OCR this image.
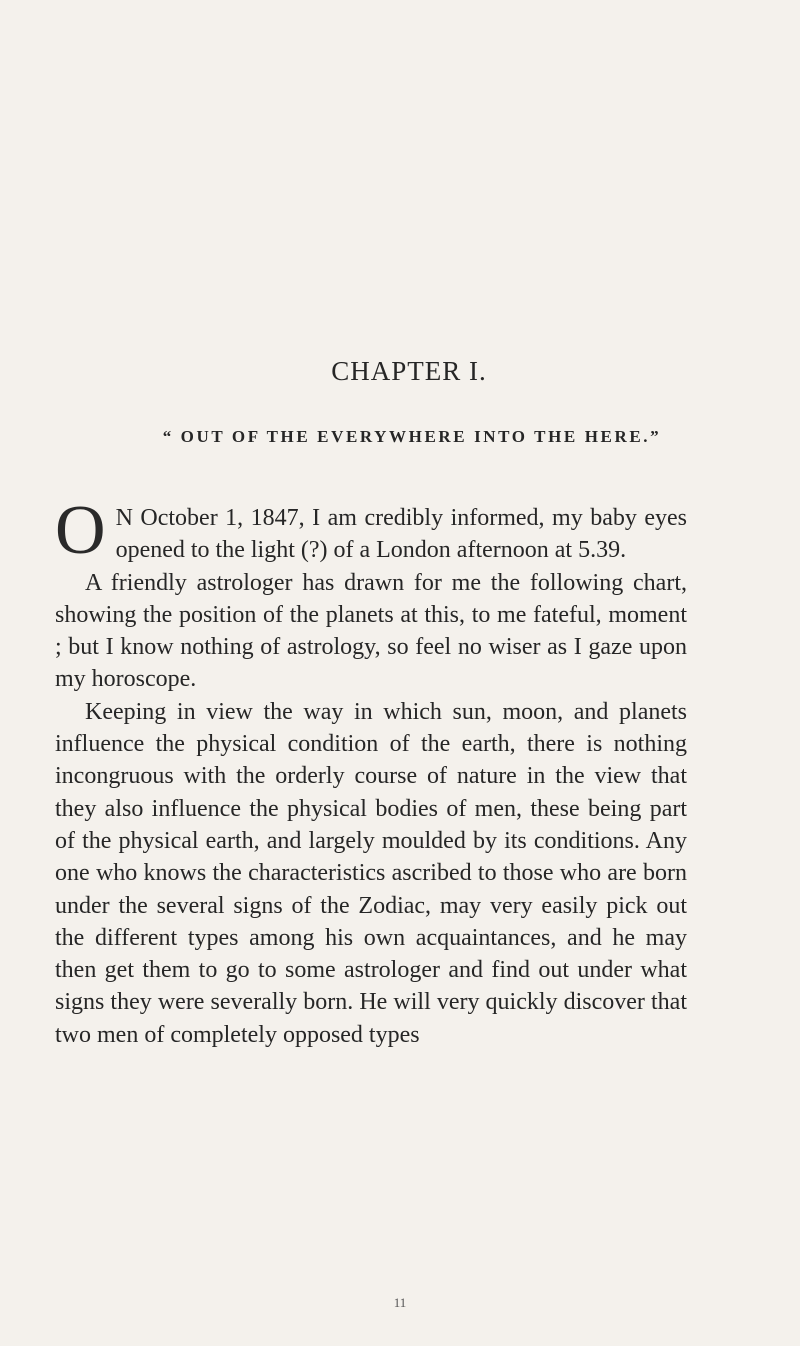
CHAPTER I.
“ OUT OF THE EVERYWHERE INTO THE HERE.”

O N October 1, 1847, I am credibly informed, my baby eyes opened to the light (?) of a London afternoon at 5.39.

A friendly astrologer has drawn for me the following chart, showing the position of the planets at this, to me fateful, moment ; but I know nothing of astrology, so feel no wiser as I gaze upon my horoscope.

Keeping in view the way in which sun, moon, and planets influence the physical condition of the earth, there is nothing incongruous with the orderly course of nature in the view that they also influence the physical bodies of men, these being part of the physical earth, and largely moulded by its conditions. Any one who knows the characteristics ascribed to those who are born under the several signs of the Zodiac, may very easily pick out the different types among his own acquaintances, and he may then get them to go to some astrologer and find out under what signs they were severally born. He will very quickly discover that two men of completely opposed types

11
